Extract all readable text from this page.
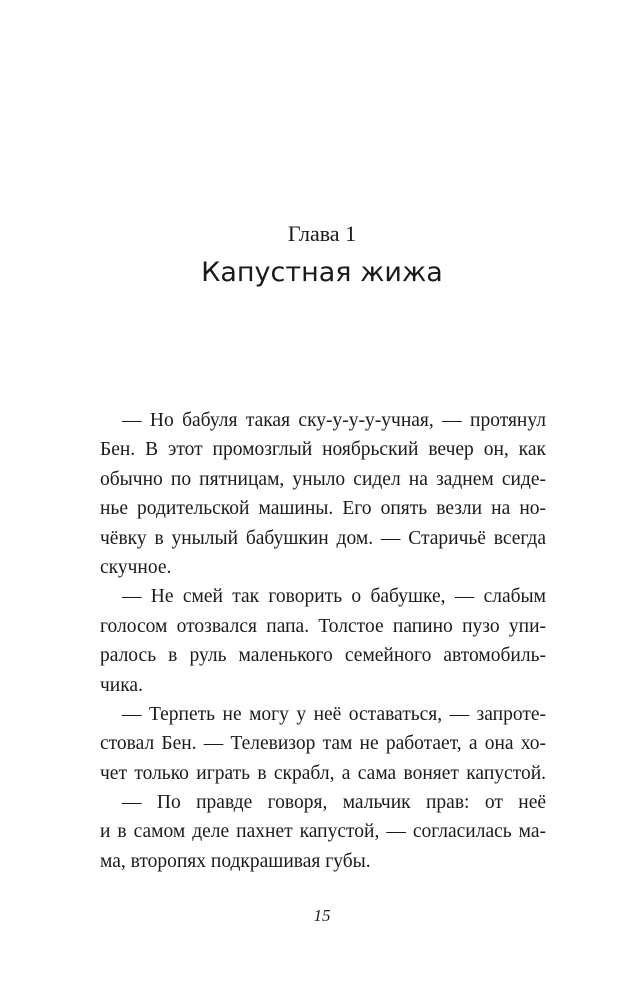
Глава 1
Капустная жижа
— Но бабуля такая ску-у-у-у-учная, — протянул
Бен. В этот промозглый ноябрьский вечер он, как
обычно по пятницам, уныло сидел на заднем сиде-
нье родительской машины. Его опять везли на но-
чёвку в унылый бабушкин дом. — Старичьё всегда
скучное.
— Не смей так говорить о бабушке, — слабым
голосом отозвался папа. Толстое папино пузо упи-
ралось в руль маленького семейного автомобиль-
чика.
— Терпеть не могу у неё оставаться, — запроте-
стовал Бен. — Телевизор там не работает, а она хо-
чет только играть в скрабл, а сама воняет капустой.
— По правде говоря, мальчик прав: от неё
и в самом деле пахнет капустой, — согласилась ма-
ма, второпях подкрашивая губы.
15
